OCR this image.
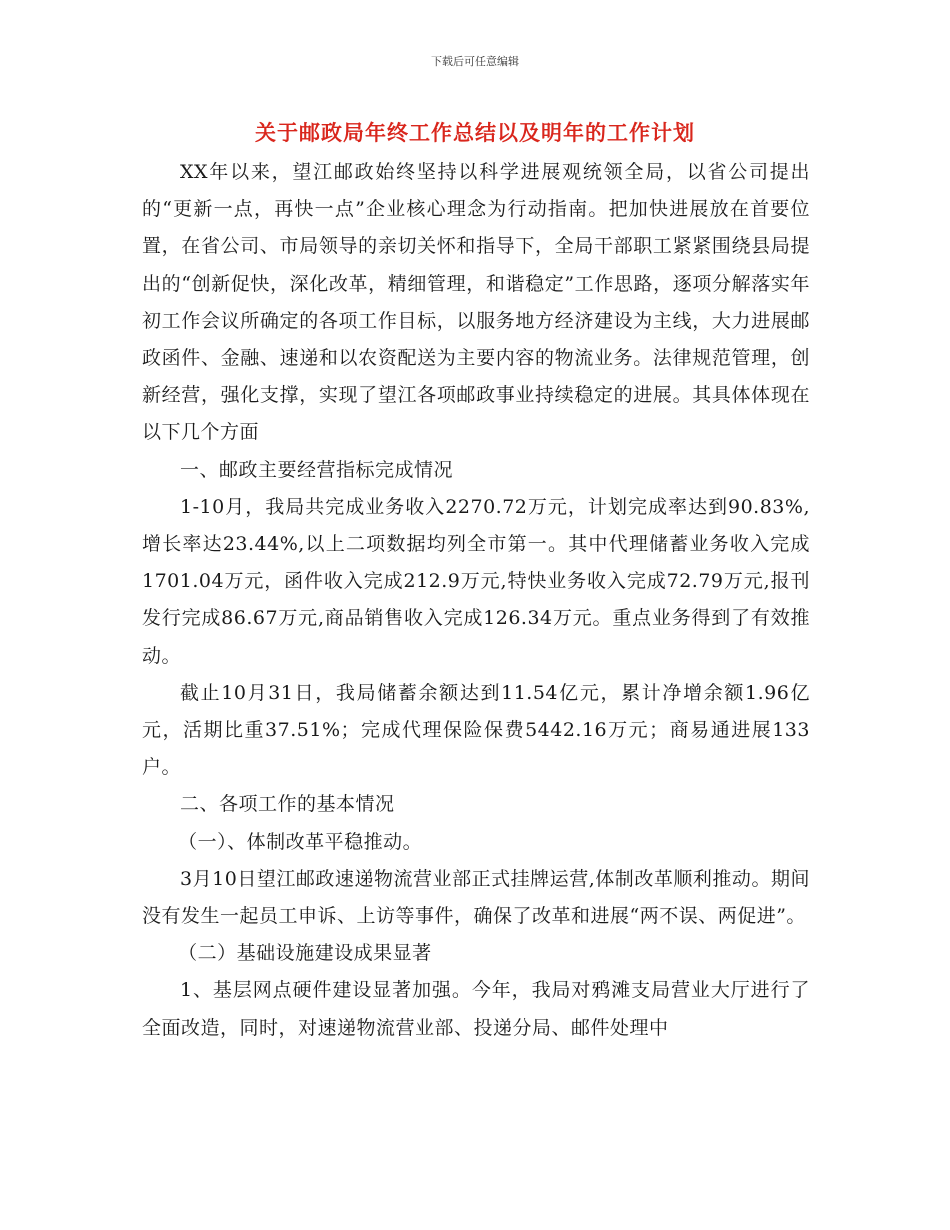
下载后可任意编辑
关于邮政局年终工作总结以及明年的工作计划

XX年以来，望江邮政始终坚持以科学进展观统领全局，以省公司提出的“更新一点，再快一点”企业核心理念为行动指南。把加快进展放在首要位置，在省公司、市局领导的亲切关怀和指导下，全局干部职工紧紧围绕县局提出的“创新促快，深化改革，精细管理，和谐稳定”工作思路，逐项分解落实年初工作会议所确定的各项工作目标，以服务地方经济建设为主线，大力进展邮政函件、金融、速递和以农资配送为主要内容的物流业务。法律规范管理，创新经营，强化支撑，实现了望江各项邮政事业持续稳定的进展。其具体体现在以下几个方面

一、邮政主要经营指标完成情况

1-10月，我局共完成业务收入2270.72万元，计划完成率达到90.83%,增长率达23.44%,以上二项数据均列全市第一。其中代理储蓄业务收入完成1701.04万元，函件收入完成212.9万元,特快业务收入完成72.79万元,报刊发行完成86.67万元,商品销售收入完成126.34万元。重点业务得到了有效推动。

截止10月31日，我局储蓄余额达到11.54亿元，累计净增余额1.96亿元，活期比重37.51%；完成代理保险保费5442.16万元；商易通进展133户。

二、各项工作的基本情况

（一）、体制改革平稳推动。

3月10日望江邮政速递物流营业部正式挂牌运营,体制改革顺利推动。期间没有发生一起员工申诉、上访等事件，确保了改革和进展“两不误、两促进”。

（二）基础设施建设成果显著

1、基层网点硬件建设显著加强。今年，我局对鸦滩支局营业大厅进行了全面改造，同时，对速递物流营业部、投递分局、邮件处理中
